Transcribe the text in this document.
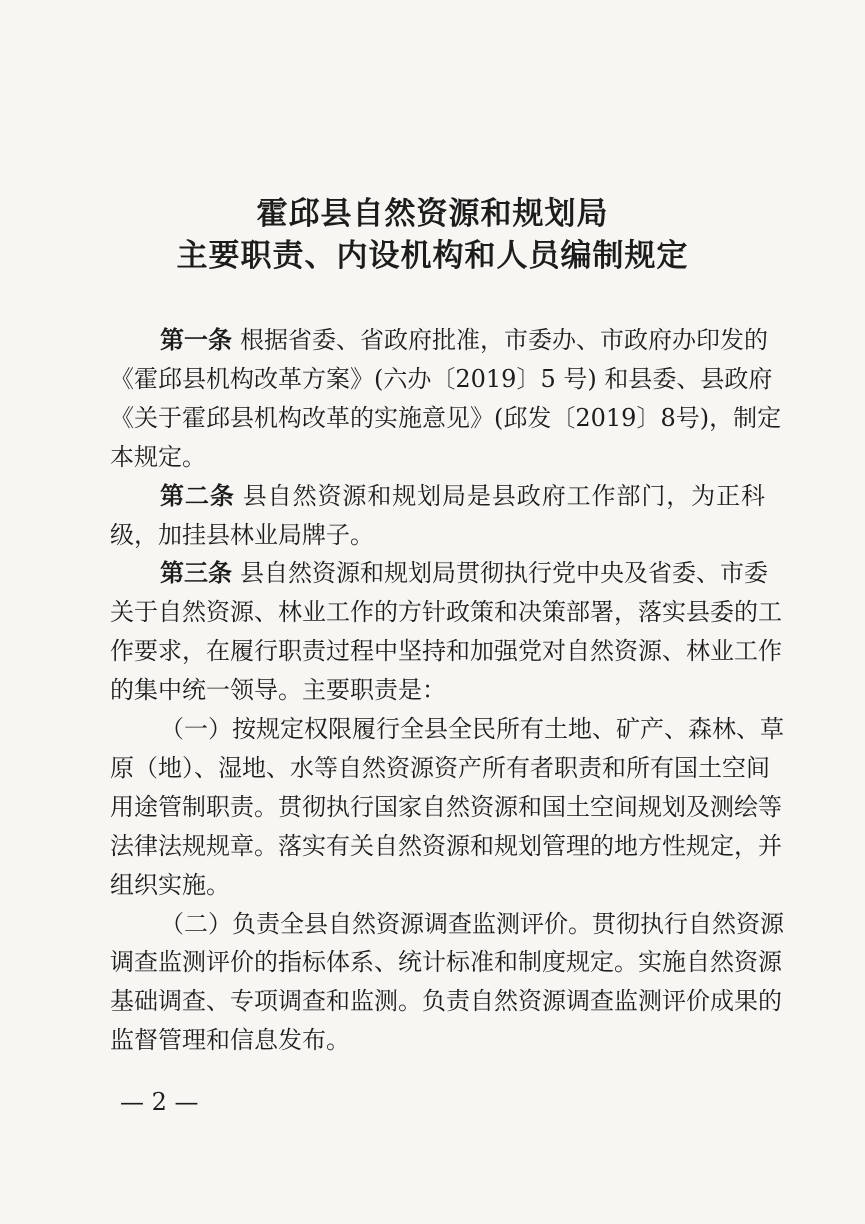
霍邱县自然资源和规划局
主要职责、内设机构和人员编制规定
第一条 根据省委、省政府批准，市委办、市政府办印发的
《霍邱县机构改革方案》(六办〔2019〕5 号) 和县委、县政府
《关于霍邱县机构改革的实施意见》(邱发〔2019〕8号)，制定
本规定。
第二条 县自然资源和规划局是县政府工作部门，为正科
级，加挂县林业局牌子。
第三条 县自然资源和规划局贯彻执行党中央及省委、市委
关于自然资源、林业工作的方针政策和决策部署，落实县委的工
作要求，在履行职责过程中坚持和加强党对自然资源、林业工作
的集中统一领导。主要职责是：
（一）按规定权限履行全县全民所有土地、矿产、森林、草
原（地）、湿地、水等自然资源资产所有者职责和所有国土空间
用途管制职责。贯彻执行国家自然资源和国土空间规划及测绘等
法律法规规章。落实有关自然资源和规划管理的地方性规定，并
组织实施。
（二）负责全县自然资源调查监测评价。贯彻执行自然资源
调查监测评价的指标体系、统计标准和制度规定。实施自然资源
基础调查、专项调查和监测。负责自然资源调查监测评价成果的
监督管理和信息发布。
— 2 —
